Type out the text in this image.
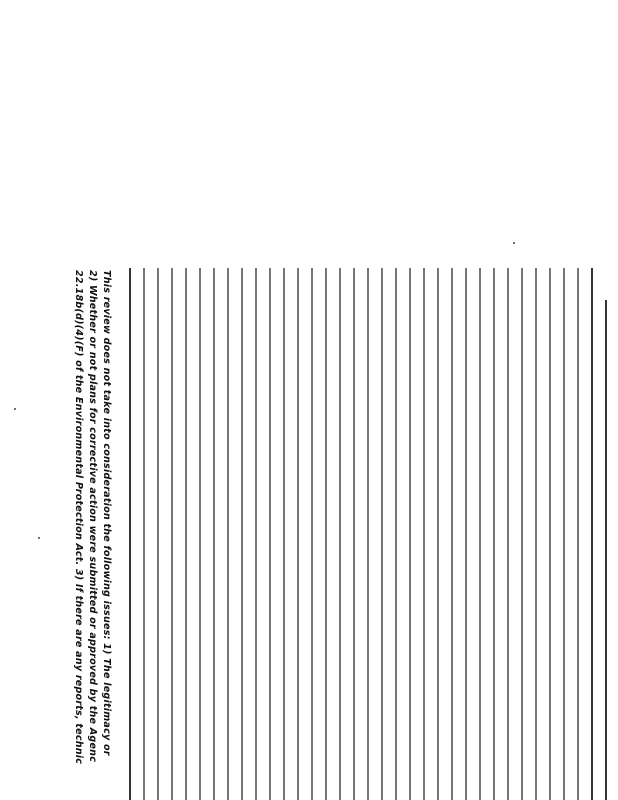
This review does not take into consideration the following issues: 1) The legitimacy or
2) Whether or not plans for corrective action were submitted or approved by the Agenc
22.18b(d)(4)(F) of the Environmental Protection Act. 3) If there are any reports, technic
